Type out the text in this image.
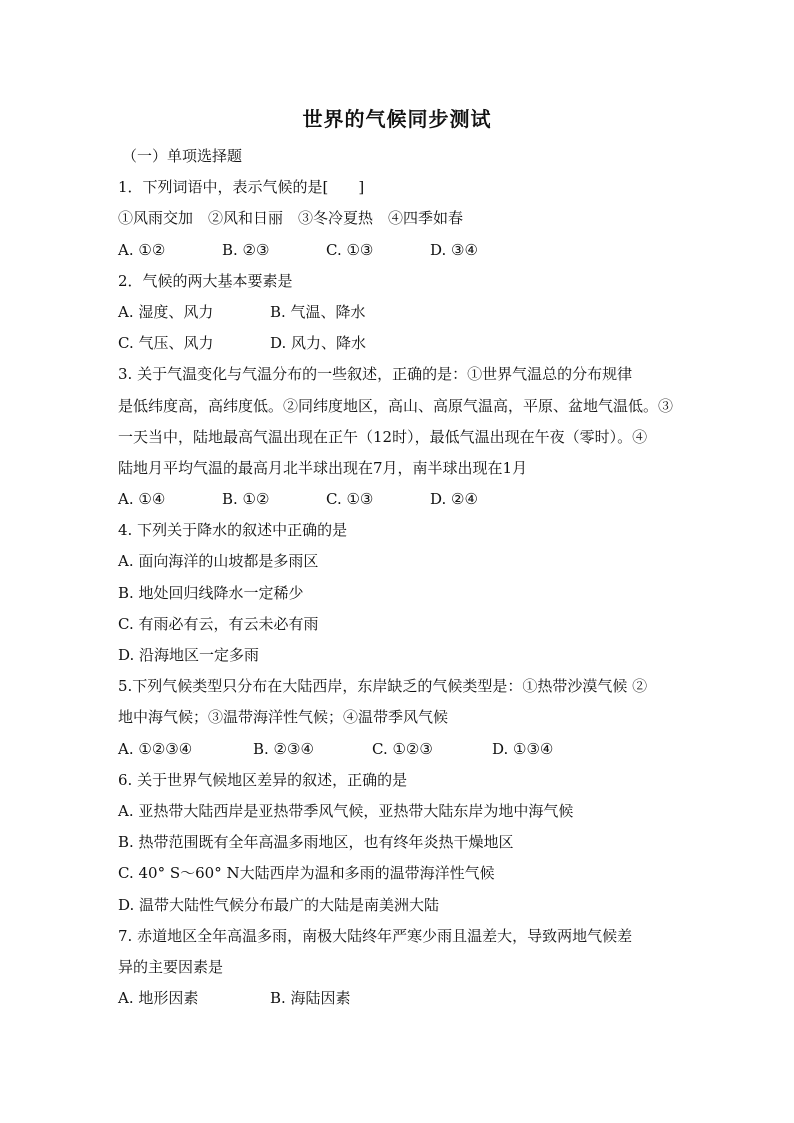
世界的气候同步测试
（一）单项选择题
1．下列词语中，表示气候的是[　　]
①风雨交加　②风和日丽　③冬冷夏热　④四季如春
A. ①②	B. ②③	C. ①③	D. ③④
2．气候的两大基本要素是
A. 湿度、风力	B. 气温、降水
C. 气压、风力	D. 风力、降水
3. 关于气温变化与气温分布的一些叙述，正确的是：①世界气温总的分布规律
是低纬度高，高纬度低。②同纬度地区，高山、高原气温高，平原、盆地气温低。③
一天当中，陆地最高气温出现在正午（12时），最低气温出现在午夜（零时）。④
陆地月平均气温的最高月北半球出现在7月，南半球出现在1月
A. ①④	B. ①②	C. ①③	D. ②④
4. 下列关于降水的叙述中正确的是
A. 面向海洋的山坡都是多雨区
B. 地处回归线降水一定稀少
C. 有雨必有云，有云未必有雨
D. 沿海地区一定多雨
5.下列气候类型只分布在大陆西岸，东岸缺乏的气候类型是：①热带沙漠气候 ②
地中海气候；③温带海洋性气候；④温带季风气候
A. ①②③④	B. ②③④	C. ①②③	D. ①③④
6. 关于世界气候地区差异的叙述，正确的是
A. 亚热带大陆西岸是亚热带季风气候，亚热带大陆东岸为地中海气候
B. 热带范围既有全年高温多雨地区，也有终年炎热干燥地区
C. 40° S～60° N大陆西岸为温和多雨的温带海洋性气候
D. 温带大陆性气候分布最广的大陆是南美洲大陆
7. 赤道地区全年高温多雨，南极大陆终年严寒少雨且温差大，导致两地气候差
异的主要因素是
A. 地形因素	B. 海陆因素
